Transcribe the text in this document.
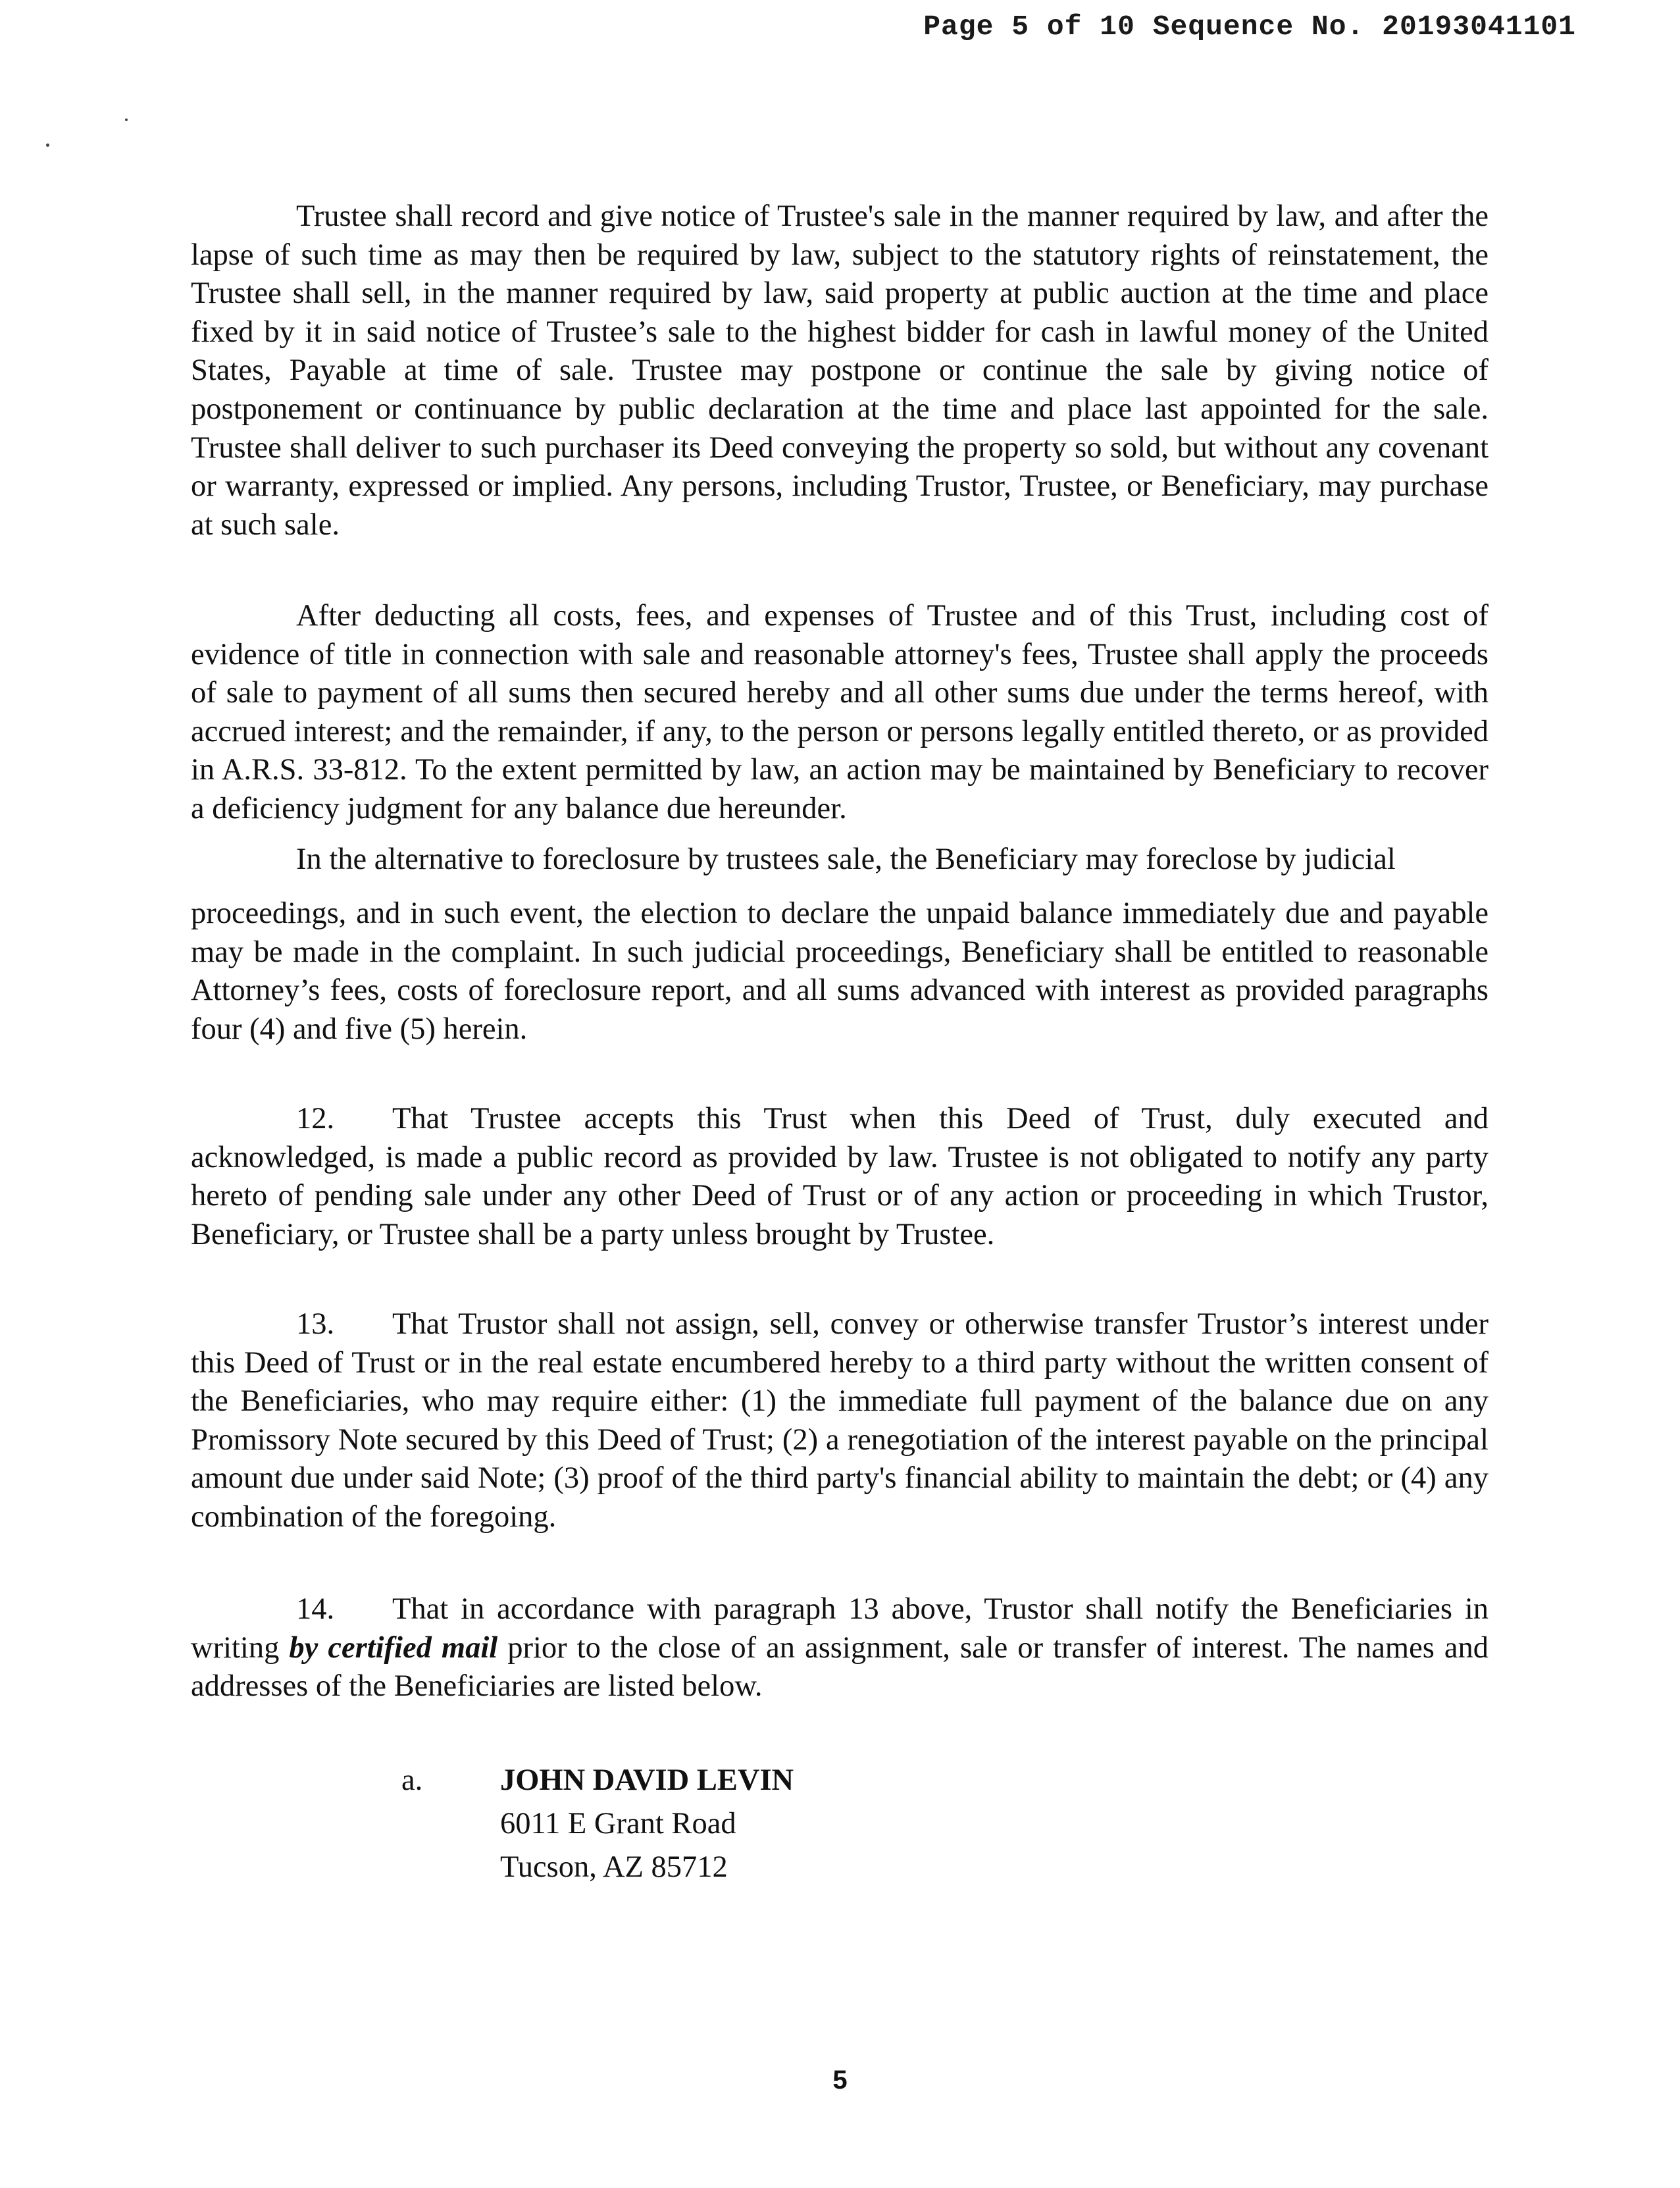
Page 5 of 10 Sequence No. 20193041101

Trustee shall record and give notice of Trustee's sale in the manner required by law, and after the lapse of such time as may then be required by law, subject to the statutory rights of reinstatement, the Trustee shall sell, in the manner required by law, said property at public auction at the time and place fixed by it in said notice of Trustee’s sale to the highest bidder for cash in lawful money of the United States, Payable at time of sale. Trustee may postpone or continue the sale by giving notice of postponement or continuance by public declaration at the time and place last appointed for the sale. Trustee shall deliver to such purchaser its Deed conveying the property so sold, but without any covenant or warranty, expressed or implied. Any persons, including Trustor, Trustee, or Beneficiary, may purchase at such sale.

After deducting all costs, fees, and expenses of Trustee and of this Trust, including cost of evidence of title in connection with sale and reasonable attorney's fees, Trustee shall apply the proceeds of sale to payment of all sums then secured hereby and all other sums due under the terms hereof, with accrued interest; and the remainder, if any, to the person or persons legally entitled thereto, or as provided in A.R.S. 33-812. To the extent permitted by law, an action may be maintained by Beneficiary to recover a deficiency judgment for any balance due hereunder.

In the alternative to foreclosure by trustees sale, the Beneficiary may foreclose by judicial

proceedings, and in such event, the election to declare the unpaid balance immediately due and payable may be made in the complaint. In such judicial proceedings, Beneficiary shall be entitled to reasonable Attorney’s fees, costs of foreclosure report, and all sums advanced with interest as provided paragraphs four (4) and five (5) herein.

12. That Trustee accepts this Trust when this Deed of Trust, duly executed and acknowledged, is made a public record as provided by law. Trustee is not obligated to notify any party hereto of pending sale under any other Deed of Trust or of any action or proceeding in which Trustor, Beneficiary, or Trustee shall be a party unless brought by Trustee.

13. That Trustor shall not assign, sell, convey or otherwise transfer Trustor’s interest under this Deed of Trust or in the real estate encumbered hereby to a third party without the written consent of the Beneficiaries, who may require either: (1) the immediate full payment of the balance due on any Promissory Note secured by this Deed of Trust; (2) a renegotiation of the interest payable on the principal amount due under said Note; (3) proof of the third party's financial ability to maintain the debt; or (4) any combination of the foregoing.

14. That in accordance with paragraph 13 above, Trustor shall notify the Beneficiaries in writing by certified mail prior to the close of an assignment, sale or transfer of interest. The names and addresses of the Beneficiaries are listed below.

a.	JOHN DAVID LEVIN
6011 E Grant Road
Tucson, AZ 85712
5
